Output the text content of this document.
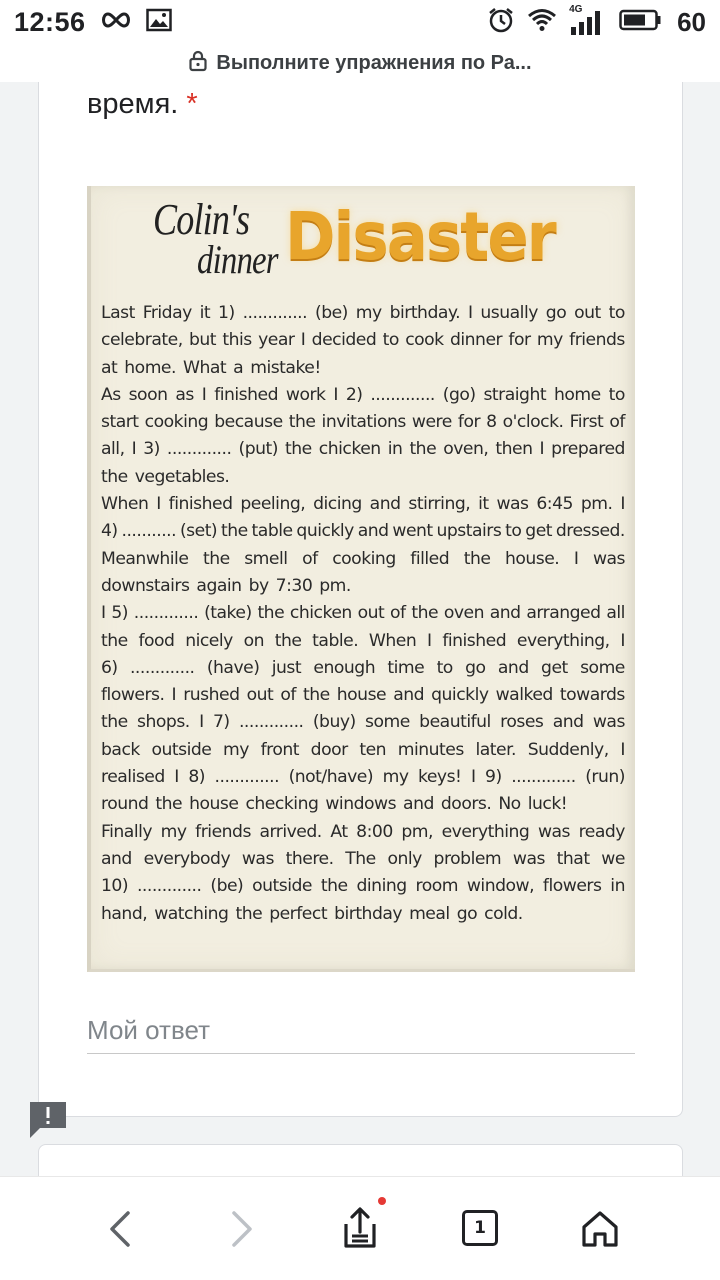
12:56	4G	60
Выполните упражнения по Ра...
время. *
Colin's
dinner Disaster
Last Friday it 1) ............. (be) my birthday. I usually go out to
celebrate, but this year I decided to cook dinner for my friends
at home. What a mistake!
As soon as I finished work I 2) ............. (go) straight home to
start cooking because the invitations were for 8 o'clock. First of
all, I 3) ............. (put) the chicken in the oven, then I prepared
the vegetables.
When I finished peeling, dicing and stirring, it was 6:45 pm. I
4) ........... (set) the table quickly and went upstairs to get dressed.
Meanwhile the smell of cooking filled the house. I was
downstairs again by 7:30 pm.
I 5) ............. (take) the chicken out of the oven and arranged all
the food nicely on the table. When I finished everything, I
6) ............. (have) just enough time to go and get some
flowers. I rushed out of the house and quickly walked towards
the shops. I 7) ............. (buy) some beautiful roses and was
back outside my front door ten minutes later. Suddenly, I
realised I 8) ............. (not/have) my keys! I 9) ............. (run)
round the house checking windows and doors. No luck!
Finally my friends arrived. At 8:00 pm, everything was ready
and everybody was there. The only problem was that we
10) ............. (be) outside the dining room window, flowers in
hand, watching the perfect birthday meal go cold.
Мой ответ
1
